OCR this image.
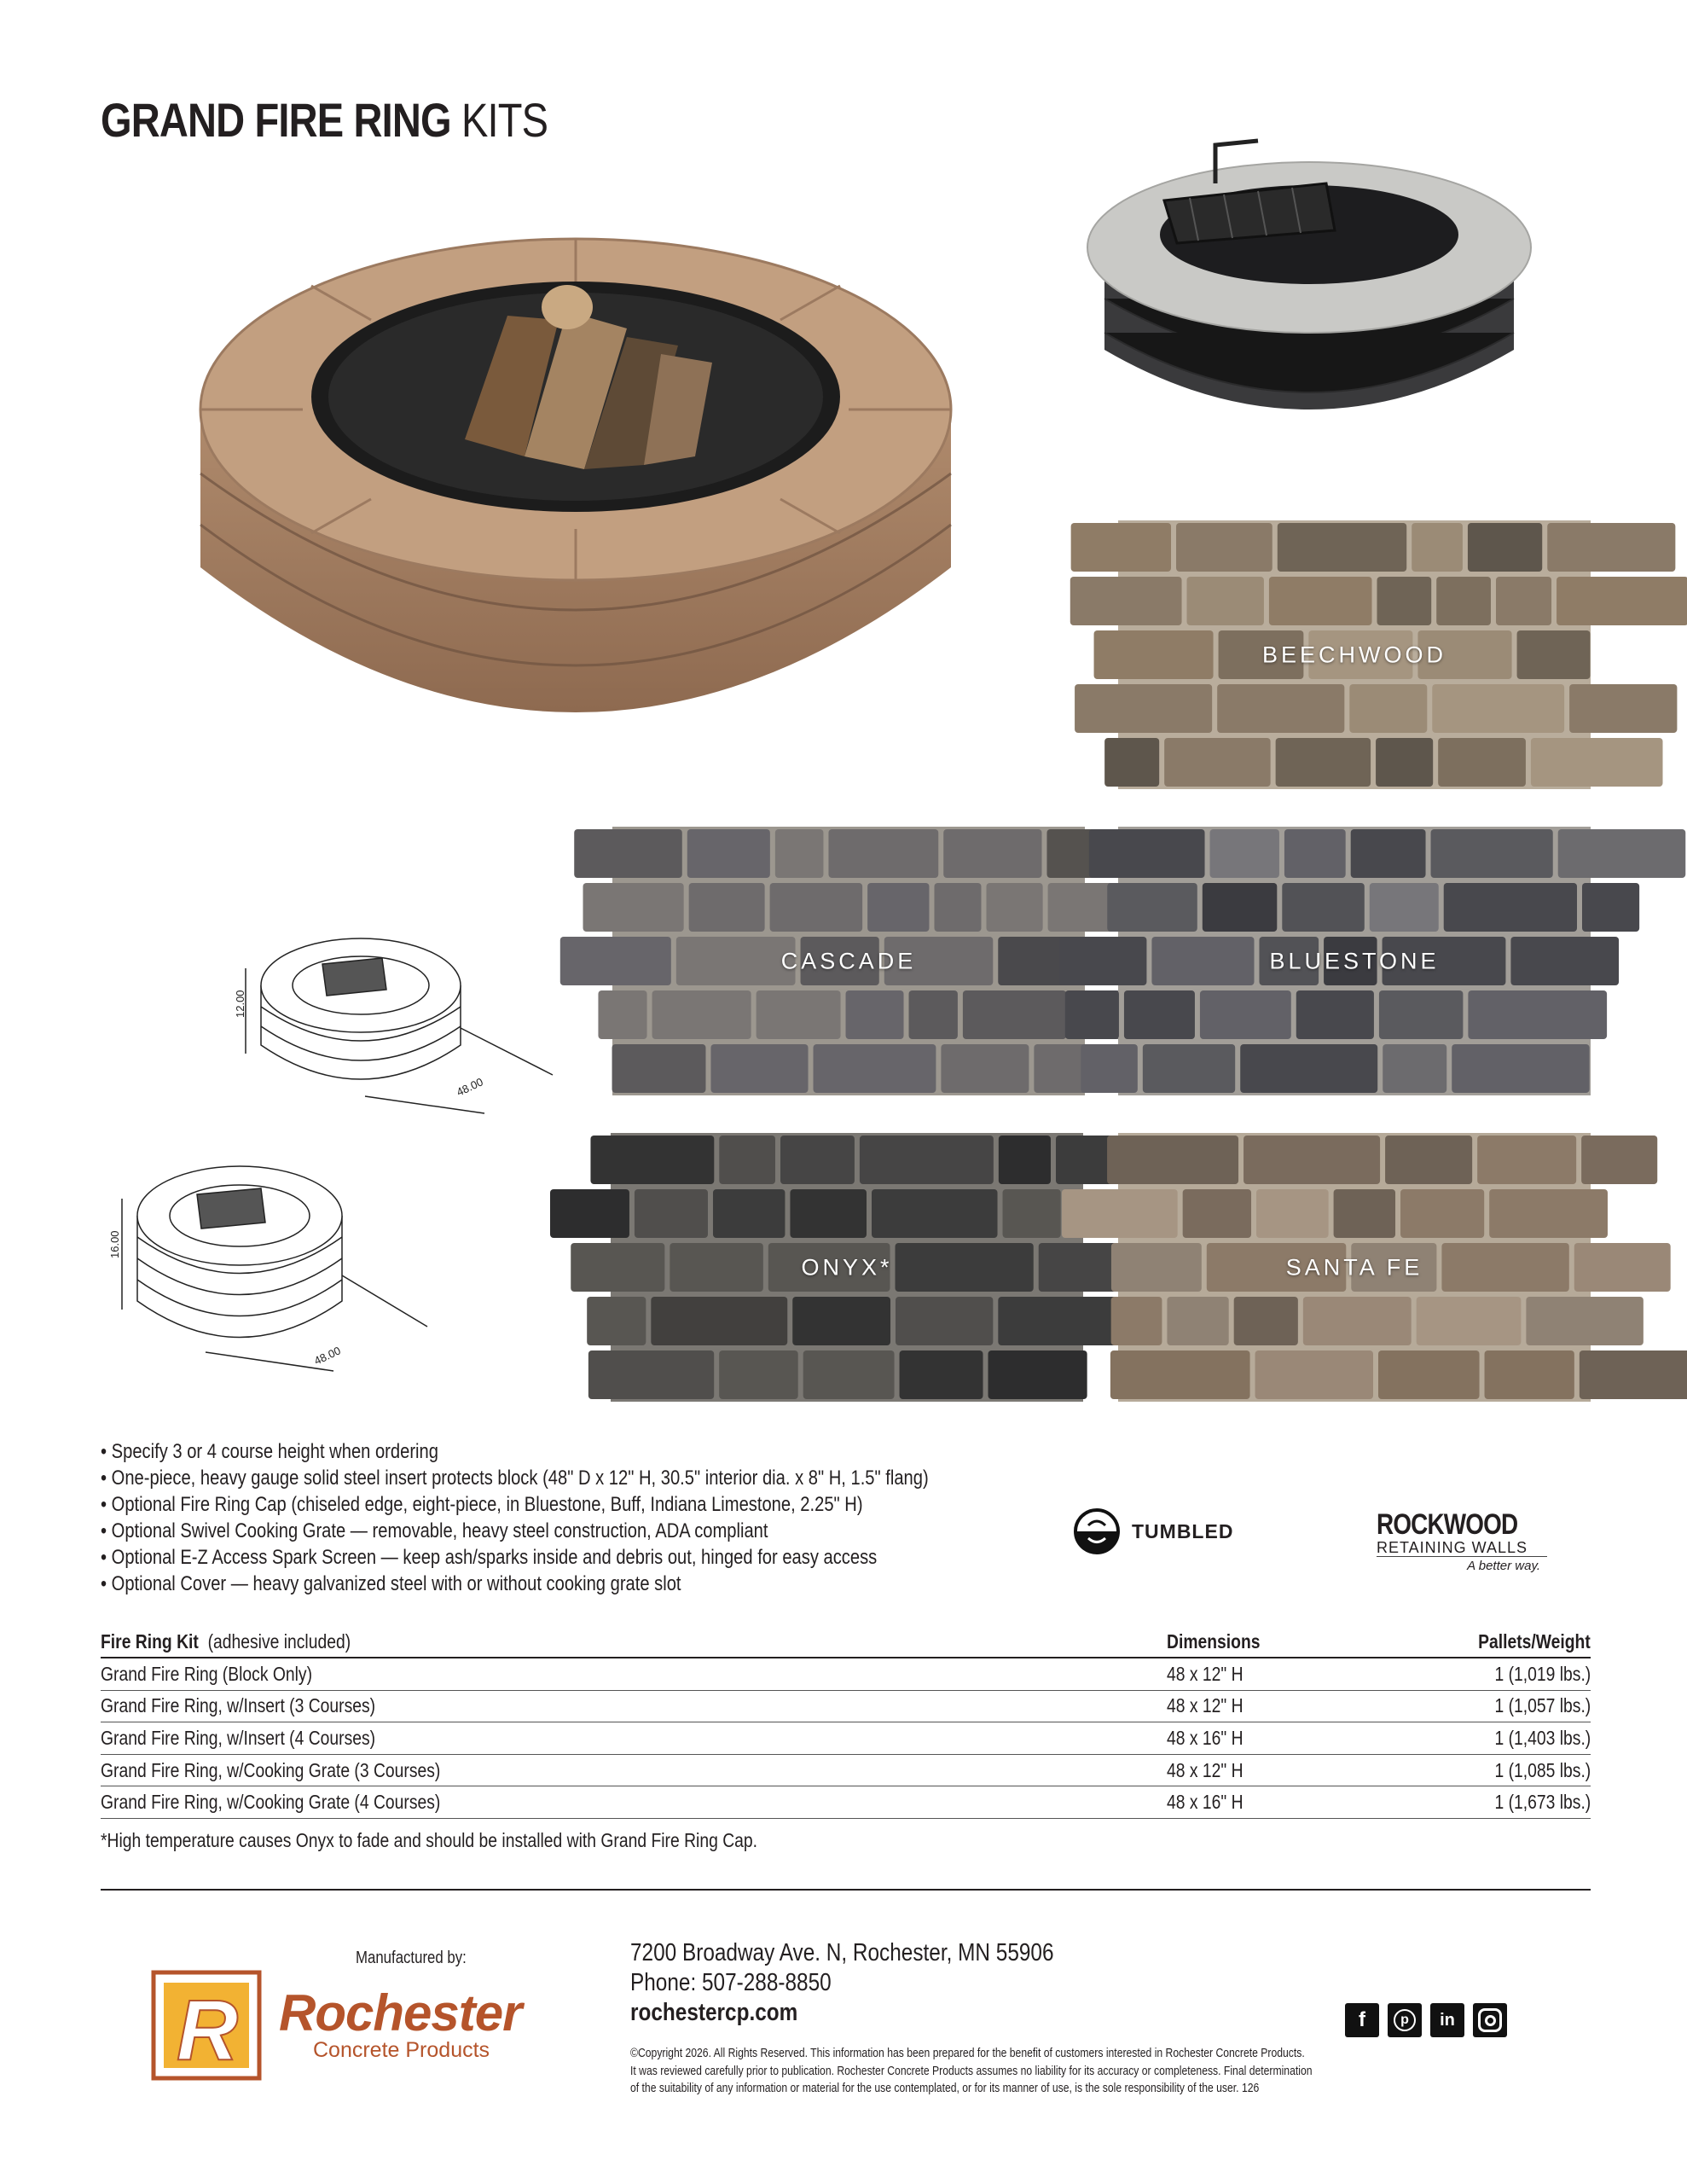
GRAND FIRE RING KITS
BEECHWOOD
CASCADE	BLUESTONE
ONYX*	SANTA FE
12.00
48.00
16.00
48.00
• Specify 3 or 4 course height when ordering
• One-piece, heavy gauge solid steel insert protects block (48" D x 12" H, 30.5" interior dia. x 8" H, 1.5" flang)
• Optional Fire Ring Cap (chiseled edge, eight-piece, in Bluestone, Buff, Indiana Limestone, 2.25" H)
• Optional Swivel Cooking Grate — removable, heavy steel construction, ADA compliant
• Optional E-Z Access Spark Screen — keep ash/sparks inside and debris out, hinged for easy access
• Optional Cover — heavy galvanized steel with or without cooking grate slot
TUMBLED	ROCKWOOD
RETAINING WALLS
A better way.
Fire Ring Kit (adhesive included)	Dimensions	Pallets/Weight
Grand Fire Ring (Block Only)	48 x 12" H	1 (1,019 lbs.)
Grand Fire Ring, w/Insert (3 Courses)	48 x 12" H	1 (1,057 lbs.)
Grand Fire Ring, w/Insert (4 Courses)	48 x 16" H	1 (1,403 lbs.)
Grand Fire Ring, w/Cooking Grate (3 Courses)	48 x 12" H	1 (1,085 lbs.)
Grand Fire Ring, w/Cooking Grate (4 Courses)	48 x 16" H	1 (1,673 lbs.)
*High temperature causes Onyx to fade and should be installed with Grand Fire Ring Cap.
Manufactured by:
R Rochester
Concrete Products
7200 Broadway Ave. N, Rochester, MN 55906
Phone: 507-288-8850
rochestercp.com
©Copyright 2026. All Rights Reserved. This information has been prepared for the benefit of customers interested in Rochester Concrete Products. It was reviewed carefully prior to publication. Rochester Concrete Products assumes no liability for its accuracy or completeness. Final determination of the suitability of any information or material for the use contemplated, or for its manner of use, is the sole responsibility of the user. 126
f	p	in
